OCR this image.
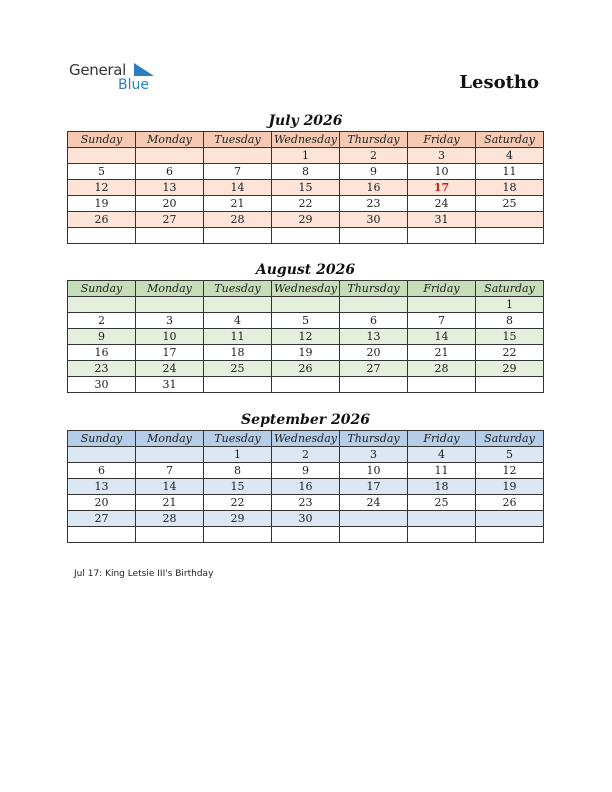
General
Blue	Lesotho
July 2026
Sunday	Monday	Tuesday	Wednesday	Thursday	Friday	Saturday
			1	2	3	4
5	6	7	8	9	10	11
12	13	14	15	16	17	18
19	20	21	22	23	24	25
26	27	28	29	30	31	

August 2026
Sunday	Monday	Tuesday	Wednesday	Thursday	Friday	Saturday
						1
2	3	4	5	6	7	8
9	10	11	12	13	14	15
16	17	18	19	20	21	22
23	24	25	26	27	28	29
30	31					
September 2026
Sunday	Monday	Tuesday	Wednesday	Thursday	Friday	Saturday
		1	2	3	4	5
6	7	8	9	10	11	12
13	14	15	16	17	18	19
20	21	22	23	24	25	26
27	28	29	30			

Jul 17: King Letsie III's Birthday
